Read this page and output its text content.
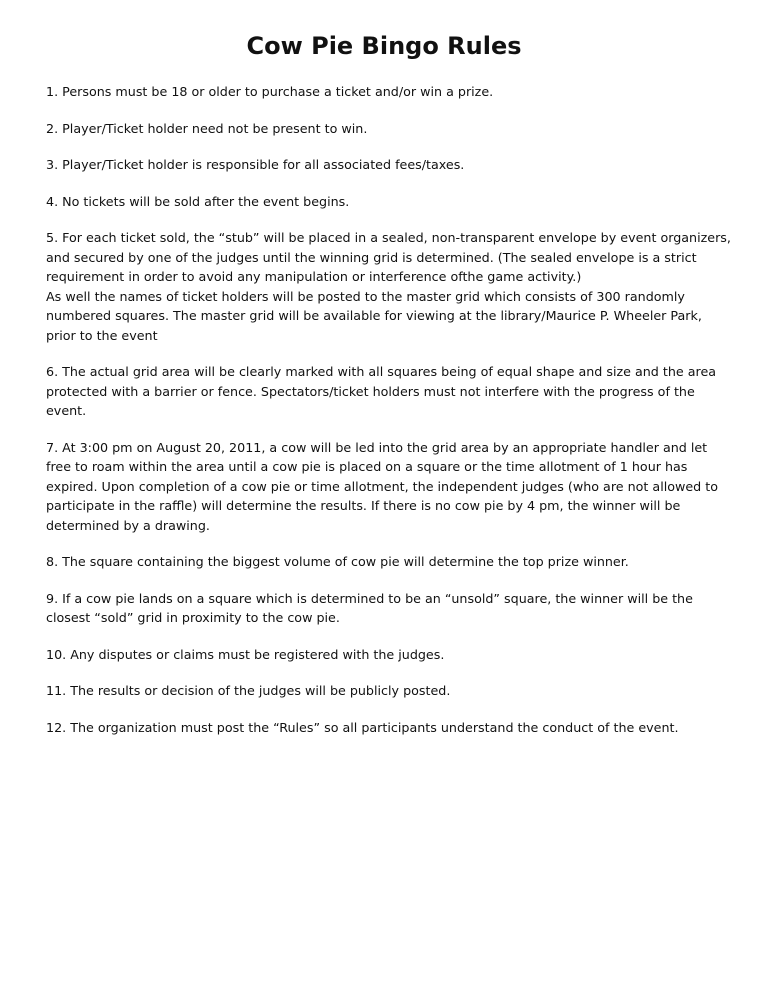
Cow Pie Bingo Rules

1. Persons must be 18 or older to purchase a ticket and/or win a prize.

2. Player/Ticket holder need not be present to win.

3. Player/Ticket holder is responsible for all associated fees/taxes.

4. No tickets will be sold after the event begins.

5. For each ticket sold, the “stub” will be placed in a sealed, non-transparent envelope by event organizers, and secured by one of the judges until the winning grid is determined. (The sealed envelope is a strict requirement in order to avoid any manipulation or interference ofthe game activity.)

As well the names of ticket holders will be posted to the master grid which consists of 300 randomly numbered squares. The master grid will be available for viewing at the library/Maurice P. Wheeler Park, prior to the event

6. The actual grid area will be clearly marked with all squares being of equal shape and size and the area protected with a barrier or fence. Spectators/ticket holders must not interfere with the progress of the event.

7. At 3:00 pm on August 20, 2011, a cow will be led into the grid area by an appropriate handler and let free to roam within the area until a cow pie is placed on a square or the time allotment of 1 hour has expired. Upon completion of a cow pie or time allotment, the independent judges (who are not allowed to participate in the raffle) will determine the results. If there is no cow pie by 4 pm, the winner will be determined by a drawing.

8. The square containing the biggest volume of cow pie will determine the top prize winner.

9. If a cow pie lands on a square which is determined to be an “unsold” square, the winner will be the closest “sold” grid in proximity to the cow pie.

10. Any disputes or claims must be registered with the judges.

11. The results or decision of the judges will be publicly posted.

12. The organization must post the “Rules” so all participants understand the conduct of the event.
